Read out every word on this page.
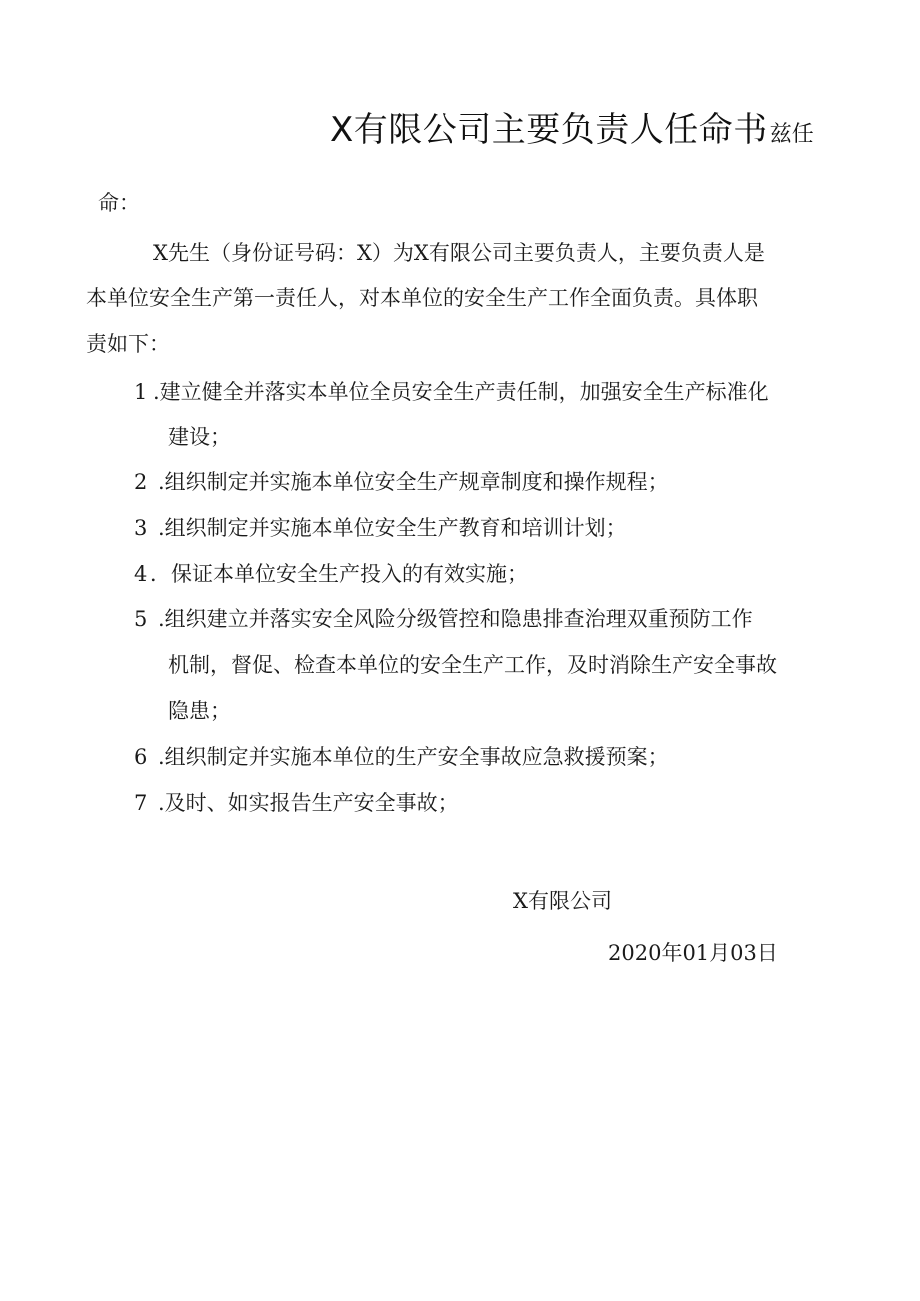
X有限公司主要负责人任命书兹任
命：
X先生（身份证号码：X）为X有限公司主要负责人，主要负责人是
本单位安全生产第一责任人，对本单位的安全生产工作全面负责。具体职
责如下：
1 .建立健全并落实本单位全员安全生产责任制，加强安全生产标准化
建设；
2 .组织制定并实施本单位安全生产规章制度和操作规程；
3 .组织制定并实施本单位安全生产教育和培训计划；
4 ．保证本单位安全生产投入的有效实施；
5 .组织建立并落实安全风险分级管控和隐患排查治理双重预防工作
机制，督促、检查本单位的安全生产工作，及时消除生产安全事故
隐患；
6 .组织制定并实施本单位的生产安全事故应急救援预案；
7 .及时、如实报告生产安全事故；
X有限公司
2020年01月03日
